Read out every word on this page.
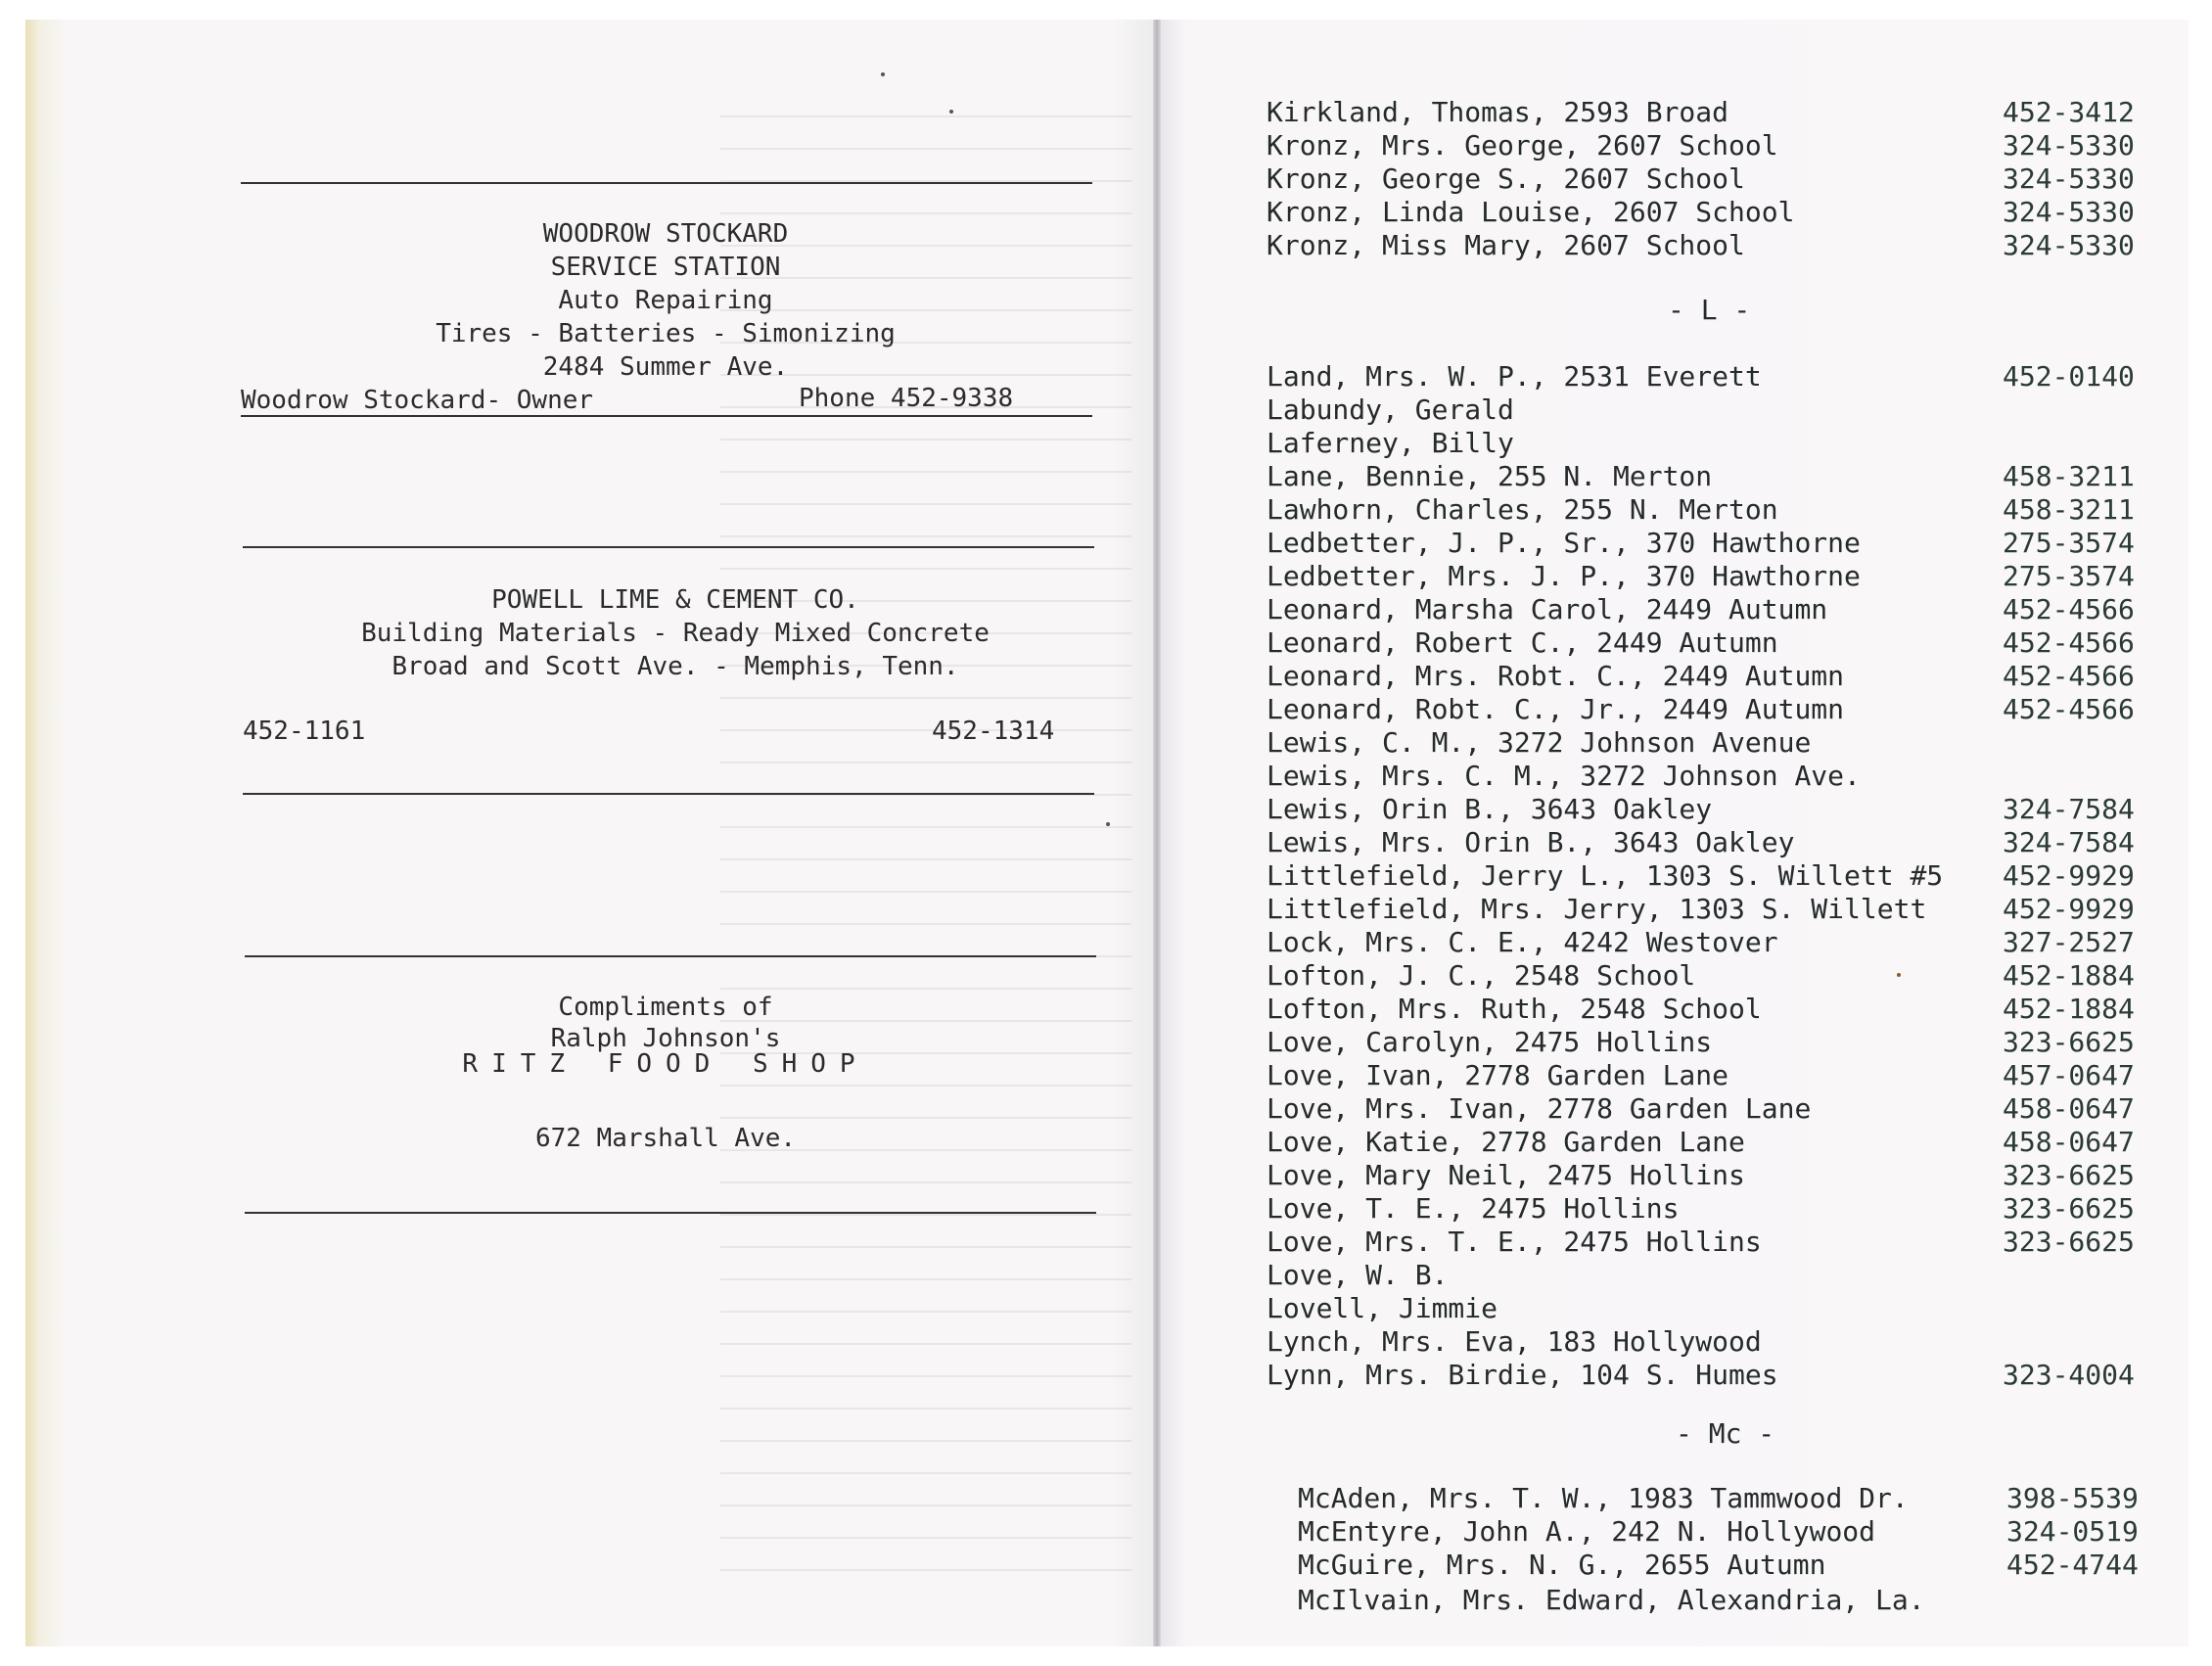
WOODROW STOCKARD
SERVICE STATION
Auto Repairing
Tires - Batteries - Simonizing
2484 Summer Ave.
Woodrow Stockard- Owner	Phone 452-9338
POWELL LIME & CEMENT CO.
Building Materials - Ready Mixed Concrete
Broad and Scott Ave. - Memphis, Tenn.
452-1161	452-1314
Compliments of
Ralph Johnson's
RITZ FOOD SHOP
672 Marshall Ave.
Kirkland, Thomas, 2593 Broad	452-3412
Kronz, Mrs. George, 2607 School	324-5330
Kronz, George S., 2607 School	324-5330
Kronz, Linda Louise, 2607 School	324-5330
Kronz, Miss Mary, 2607 School	324-5330
- L -
Land, Mrs. W. P., 2531 Everett	452-0140
Labundy, Gerald
Laferney, Billy
Lane, Bennie, 255 N. Merton	458-3211
Lawhorn, Charles, 255 N. Merton	458-3211
Ledbetter, J. P., Sr., 370 Hawthorne	275-3574
Ledbetter, Mrs. J. P., 370 Hawthorne	275-3574
Leonard, Marsha Carol, 2449 Autumn	452-4566
Leonard, Robert C., 2449 Autumn	452-4566
Leonard, Mrs. Robt. C., 2449 Autumn	452-4566
Leonard, Robt. C., Jr., 2449 Autumn	452-4566
Lewis, C. M., 3272 Johnson Avenue
Lewis, Mrs. C. M., 3272 Johnson Ave.
Lewis, Orin B., 3643 Oakley	324-7584
Lewis, Mrs. Orin B., 3643 Oakley	324-7584
Littlefield, Jerry L., 1303 S. Willett #5 452-9929
Littlefield, Mrs. Jerry, 1303 S. Willett	452-9929
Lock, Mrs. C. E., 4242 Westover	327-2527
Lofton, J. C., 2548 School	452-1884
Lofton, Mrs. Ruth, 2548 School	452-1884
Love, Carolyn, 2475 Hollins	323-6625
Love, Ivan, 2778 Garden Lane	457-0647
Love, Mrs. Ivan, 2778 Garden Lane	458-0647
Love, Katie, 2778 Garden Lane	458-0647
Love, Mary Neil, 2475 Hollins	323-6625
Love, T. E., 2475 Hollins	323-6625
Love, Mrs. T. E., 2475 Hollins	323-6625
Love, W. B.
Lovell, Jimmie
Lynch, Mrs. Eva, 183 Hollywood
Lynn, Mrs. Birdie, 104 S. Humes	323-4004
- Mc -
McAden, Mrs. T. W., 1983 Tammwood Dr.	398-5539
McEntyre, John A., 242 N. Hollywood	324-0519
McGuire, Mrs. N. G., 2655 Autumn	452-4744
McIlvain, Mrs. Edward, Alexandria, La.
